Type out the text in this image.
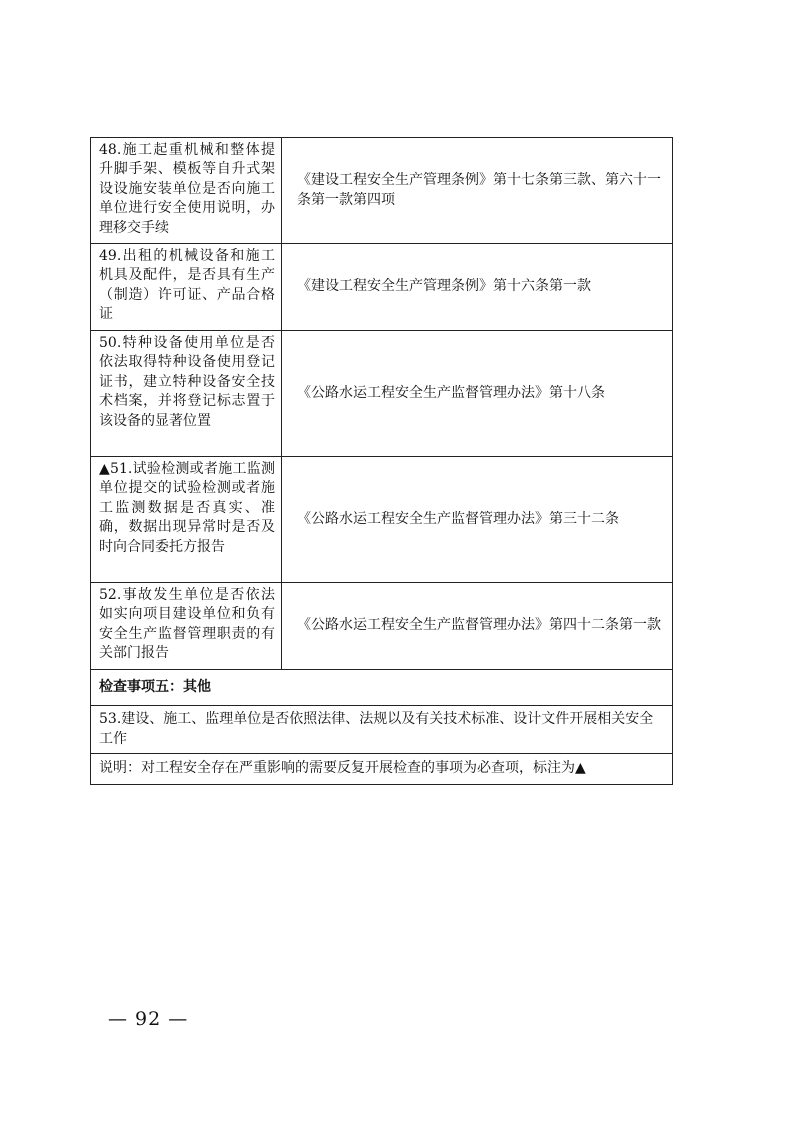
48.施工起重机械和整体提升脚手架、模板等自升式架设设施安装单位是否向施工单位进行安全使用说明，办理移交手续	《建设工程安全生产管理条例》第十七条第三款、第六十一条第一款第四项
49.出租的机械设备和施工机具及配件，是否具有生产（制造）许可证、产品合格证	《建设工程安全生产管理条例》第十六条第一款
50.特种设备使用单位是否依法取得特种设备使用登记证书，建立特种设备安全技术档案，并将登记标志置于该设备的显著位置	《公路水运工程安全生产监督管理办法》第十八条
▲51.试验检测或者施工监测单位提交的试验检测或者施工监测数据是否真实、准确，数据出现异常时是否及时向合同委托方报告	《公路水运工程安全生产监督管理办法》第三十二条
52.事故发生单位是否依法如实向项目建设单位和负有安全生产监督管理职责的有关部门报告	《公路水运工程安全生产监督管理办法》第四十二条第一款
检查事项五：其他	
53.建设、施工、监理单位是否依照法律、法规以及有关技术标准、设计文件开展相关安全工作	
说明：对工程安全存在严重影响的需要反复开展检查的事项为必查项，标注为▲	
— 92 —
